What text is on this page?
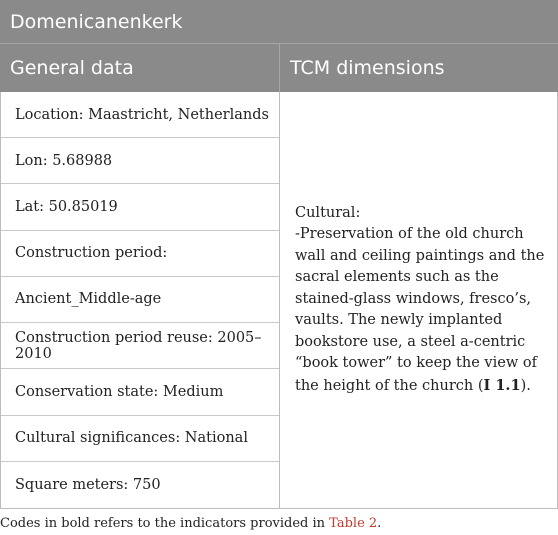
Domenicanenkerk
General data	TCM dimensions
Location: Maastricht, Netherlands
Lon: 5.68988
Lat: 50.85019
Construction period:
Ancient_Middle-age
Construction period reuse: 2005–2010
Conservation state: Medium
Cultural significances: National
Square meters: 750
Cultural:
-Preservation of the old church wall and ceiling paintings and the sacral elements such as the stained-glass windows, fresco’s, vaults. The newly implanted bookstore use, a steel a-centric “book tower” to keep the view of the height of the church (I 1.1).
Codes in bold refers to the indicators provided in Table 2.
